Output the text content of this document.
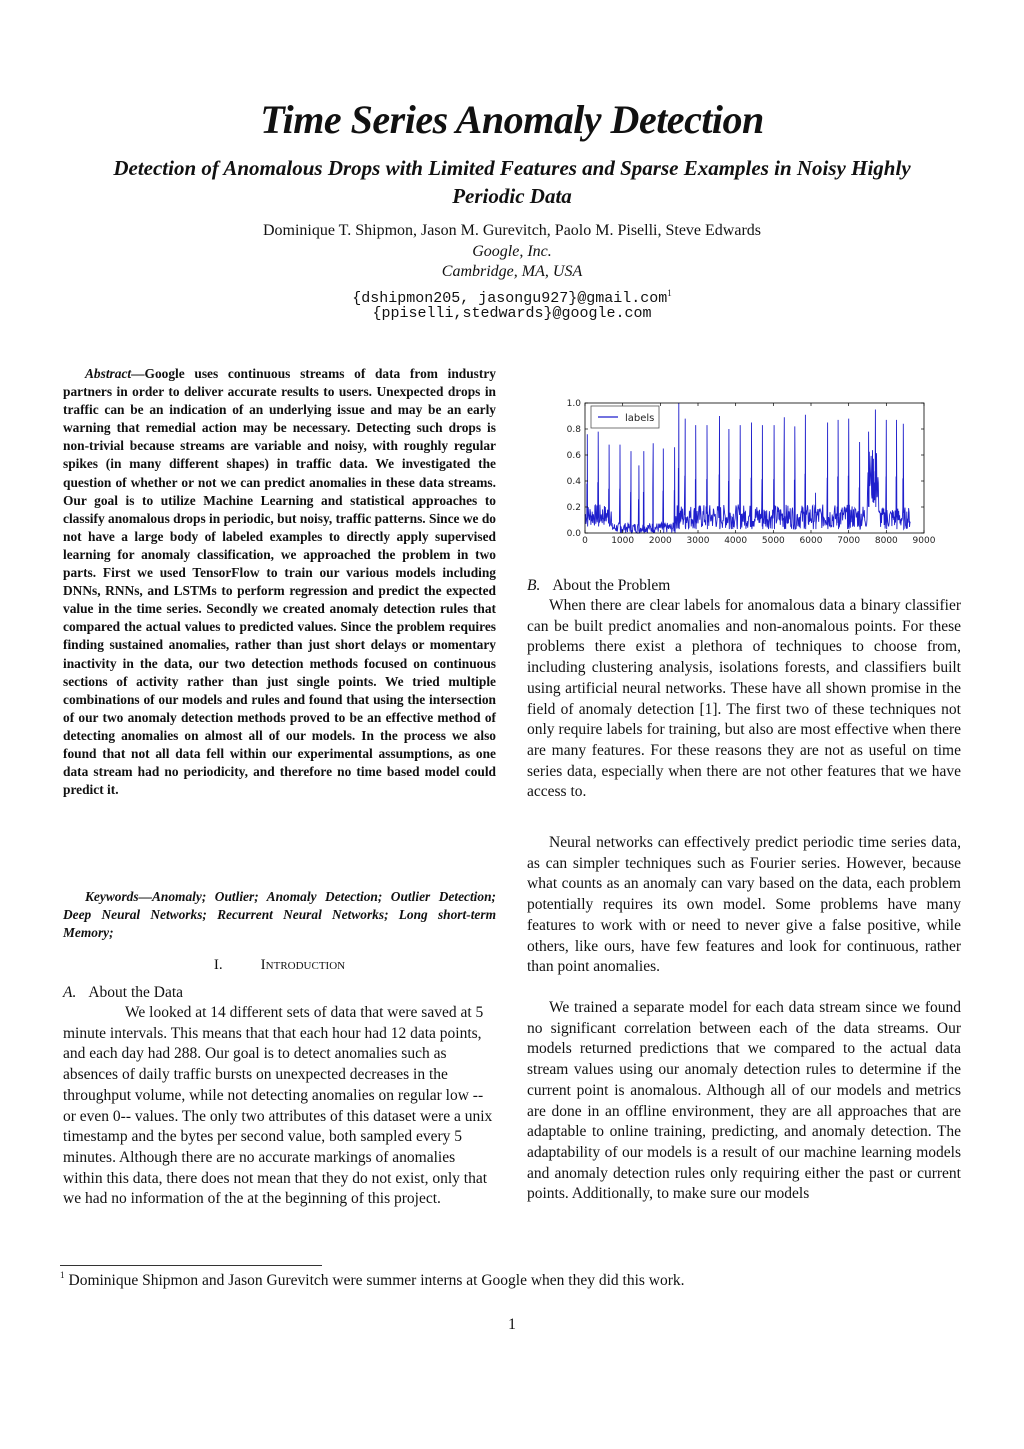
Time Series Anomaly Detection
Detection of Anomalous Drops with Limited Features and Sparse Examples in Noisy Highly Periodic Data
Dominique T. Shipmon, Jason M. Gurevitch, Paolo M. Piselli, Steve Edwards
Google, Inc.
Cambridge, MA, USA
{dshipmon205, jasongu927}@gmail.com$^1$
{ppiselli,stedwards}@google.com

Abstract—Google uses continuous streams of data from industry partners in order to deliver accurate results to users. Unexpected drops in traffic can be an indication of an underlying issue and may be an early warning that remedial action may be necessary. Detecting such drops is non-trivial because streams are variable and noisy, with roughly regular spikes (in many different shapes) in traffic data. We investigated the question of whether or not we can predict anomalies in these data streams. Our goal is to utilize Machine Learning and statistical approaches to classify anomalous drops in periodic, but noisy, traffic patterns. Since we do not have a large body of labeled examples to directly apply supervised learning for anomaly classification, we approached the problem in two parts. First we used TensorFlow to train our various models including DNNs, RNNs, and LSTMs to perform regression and predict the expected value in the time series. Secondly we created anomaly detection rules that compared the actual values to predicted values. Since the problem requires finding sustained anomalies, rather than just short delays or momentary inactivity in the data, our two detection methods focused on continuous sections of activity rather than just single points. We tried multiple combinations of our models and rules and found that using the intersection of our two anomaly detection methods proved to be an effective method of detecting anomalies on almost all of our models. In the process we also found that not all data fell within our experimental assumptions, as one data stream had no periodicity, and therefore no time based model could predict it.

Keywords—Anomaly; Outlier; Anomaly Detection; Outlier Detection; Deep Neural Networks; Recurrent Neural Networks; Long short-term Memory;

I.	Introduction
A. About the Data

We looked at 14 different sets of data that were saved at 5 minute intervals. This means that that each hour had 12 data points, and each day had 288. Our goal is to detect anomalies such as absences of daily traffic bursts on unexpected decreases in the throughput volume, while not detecting anomalies on regular low -- or even 0-- values. The only two attributes of this dataset were a unix timestamp and the bytes per second value, both sampled every 5 minutes. Although there are no accurate markings of anomalies within this data, there does not mean that they do not exist, only that we had no information of the at the beginning of this project.

0.0
0.2
0.4
0.6
0.8
1.0
0	1000 2000 3000 4000 5000 6000 7000 8000 9000
labels
B. About the Problem

When there are clear labels for anomalous data a binary classifier can be built predict anomalies and non-anomalous points. For these problems there exist a plethora of techniques to choose from, including clustering analysis, isolations forests, and classifiers built using artificial neural networks. These have all shown promise in the field of anomaly detection [1]. The first two of these techniques not only require labels for training, but also are most effective when there are many features. For these reasons they are not as useful on time series data, especially when there are not other features that we have access to.

Neural networks can effectively predict periodic time series data, as can simpler techniques such as Fourier series. However, because what counts as an anomaly can vary based on the data, each problem potentially requires its own model. Some problems have many features to work with or need to never give a false positive, while others, like ours, have few features and look for continuous, rather than point anomalies.

We trained a separate model for each data stream since we found no significant correlation between each of the data streams. Our models returned predictions that we compared to the actual data stream values using our anomaly detection rules to determine if the current point is anomalous. Although all of our models and metrics are done in an offline environment, they are all approaches that are adaptable to online training, predicting, and anomaly detection. The adaptability of our models is a result of our machine learning models and anomaly detection rules only requiring either the past or current points. Additionally, to make sure our models

$^1$ Dominique Shipmon and Jason Gurevitch were summer interns at Google when they did this work.
1
